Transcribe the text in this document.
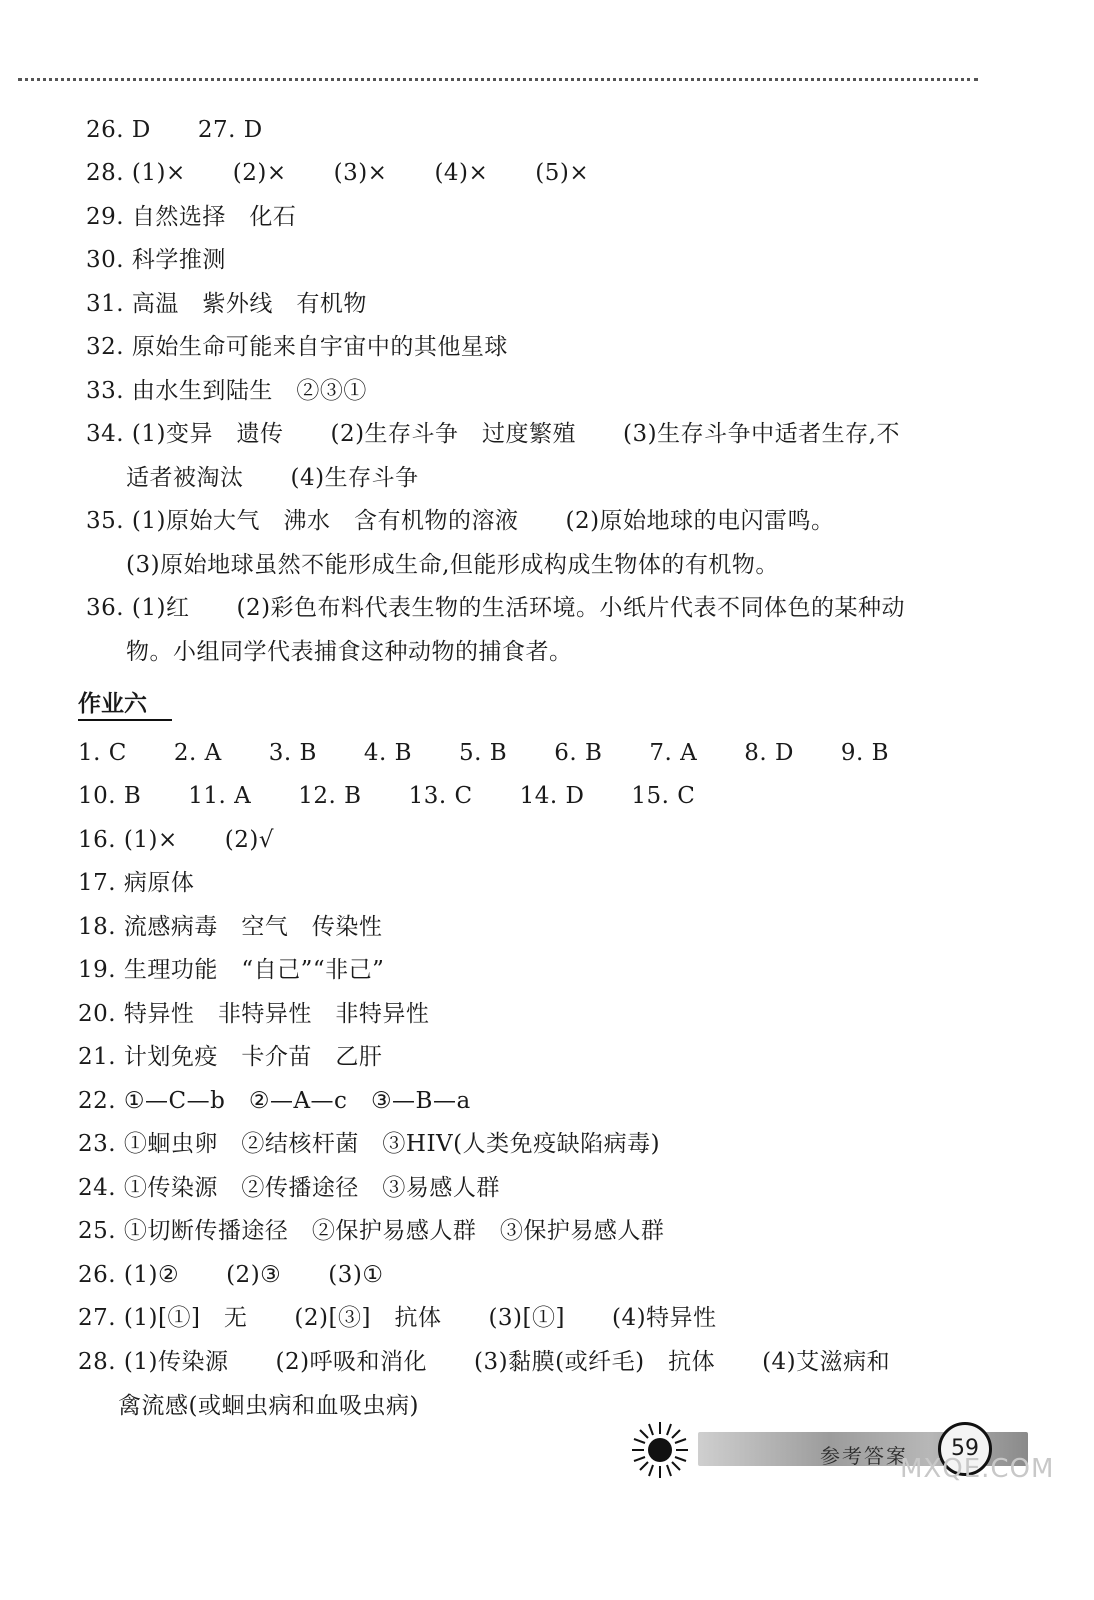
26. D　　27. D
28. (1)×　　(2)×　　(3)×　　(4)×　　(5)×
29. 自然选择　化石
30. 科学推测
31. 高温　紫外线　有机物
32. 原始生命可能来自宇宙中的其他星球
33. 由水生到陆生　②③①
34. (1)变异　遗传　　(2)生存斗争　过度繁殖　　(3)生存斗争中适者生存,不
适者被淘汰　　(4)生存斗争
35. (1)原始大气　沸水　含有机物的溶液　　(2)原始地球的电闪雷鸣。
(3)原始地球虽然不能形成生命,但能形成构成生物体的有机物。
36. (1)红　　(2)彩色布料代表生物的生活环境。小纸片代表不同体色的某种动
物。小组同学代表捕食这种动物的捕食者。
作业六
1. C　　2. A　　3. B　　4. B　　5. B　　6. B　　7. A　　8. D　　9. B
10. B　　11. A　　12. B　　13. C　　14. D　　15. C
16. (1)×　　(2)√
17. 病原体
18. 流感病毒　空气　传染性
19. 生理功能　“自己”“非己”
20. 特异性　非特异性　非特异性
21. 计划免疫　卡介苗　乙肝
22. ①—C—b　②—A—c　③—B—a
23. ①蛔虫卵　②结核杆菌　③HIV(人类免疫缺陷病毒)
24. ①传染源　②传播途径　③易感人群
25. ①切断传播途径　②保护易感人群　③保护易感人群
26. (1)②　　(2)③　　(3)①
27. (1)[①]　无　　(2)[③]　抗体　　(3)[①]　　(4)特异性
28. (1)传染源　　(2)呼吸和消化　　(3)黏膜(或纤毛)　抗体　　(4)艾滋病和
禽流感(或蛔虫病和血吸虫病)
参考答案	59
MXQE.COM
